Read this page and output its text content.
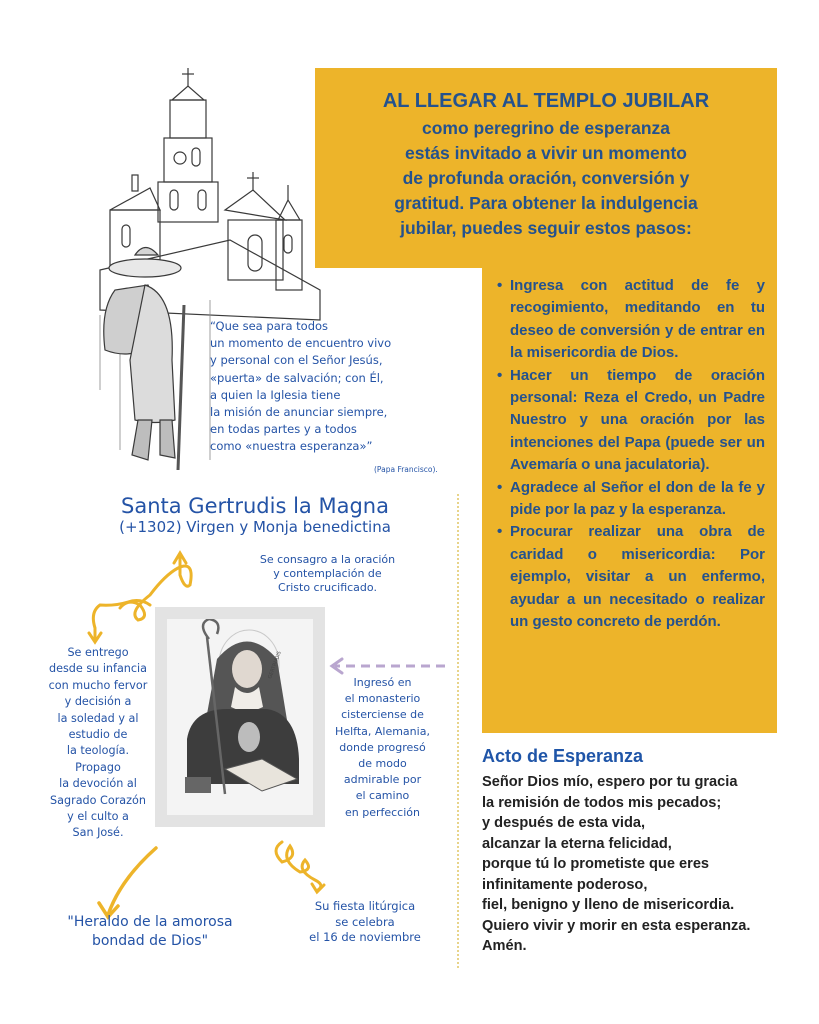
AL LLEGAR AL TEMPLO JUBILAR
como peregrino de esperanza
estás invitado a vivir un momento
de profunda oración, conversión y
gratitud. Para obtener la indulgencia
jubilar, puedes seguir estos pasos:
• Ingresa con actitud de fe y recogimiento, meditando en tu deseo de conversión y de entrar en la misericordia de Dios.
• Hacer un tiempo de oración personal: Reza el Credo, un Padre Nuestro y una oración por las intenciones del Papa (puede ser un Avemaría o una jaculatoria).
• Agradece al Señor el don de la fe y pide por la paz y la esperanza.
• Procurar realizar una obra de caridad o misericordia: Por ejemplo, visitar a un enfermo, ayudar a un necesitado o realizar un gesto concreto de perdón.
“Que sea para todos
un momento de encuentro vivo
y personal con el Señor Jesús,
«puerta» de salvación; con Él,
a quien la Iglesia tiene
la misión de anunciar siempre,
en todas partes y a todos
como «nuestra esperanza»”
(Papa Francisco).
Santa Gertrudis la Magna
(+1302) Virgen y Monja benedictina
Se consagro a la oración
y contemplación de
Cristo crucificado.
GERTRUDIS
Se entrego
desde su infancia
con mucho fervor
y decisión a
la soledad y al
estudio de
la teología.
Propago
la devoción al
Sagrado Corazón
y el culto a
San José.
Ingresó en
el monasterio
cisterciense de
Helfta, Alemania,
donde progresó
de modo
admirable por
el camino
en perfección
"Heraldo de la amorosa
bondad de Dios"
Su fiesta litúrgica
se celebra
el 16 de noviembre
Acto de Esperanza
Señor Dios mío, espero por tu gracia
la remisión de todos mis pecados;
y después de esta vida,
alcanzar la eterna felicidad,
porque tú lo prometiste que eres
infinitamente poderoso,
fiel, benigno y lleno de misericordia.
Quiero vivir y morir en esta esperanza.
Amén.
